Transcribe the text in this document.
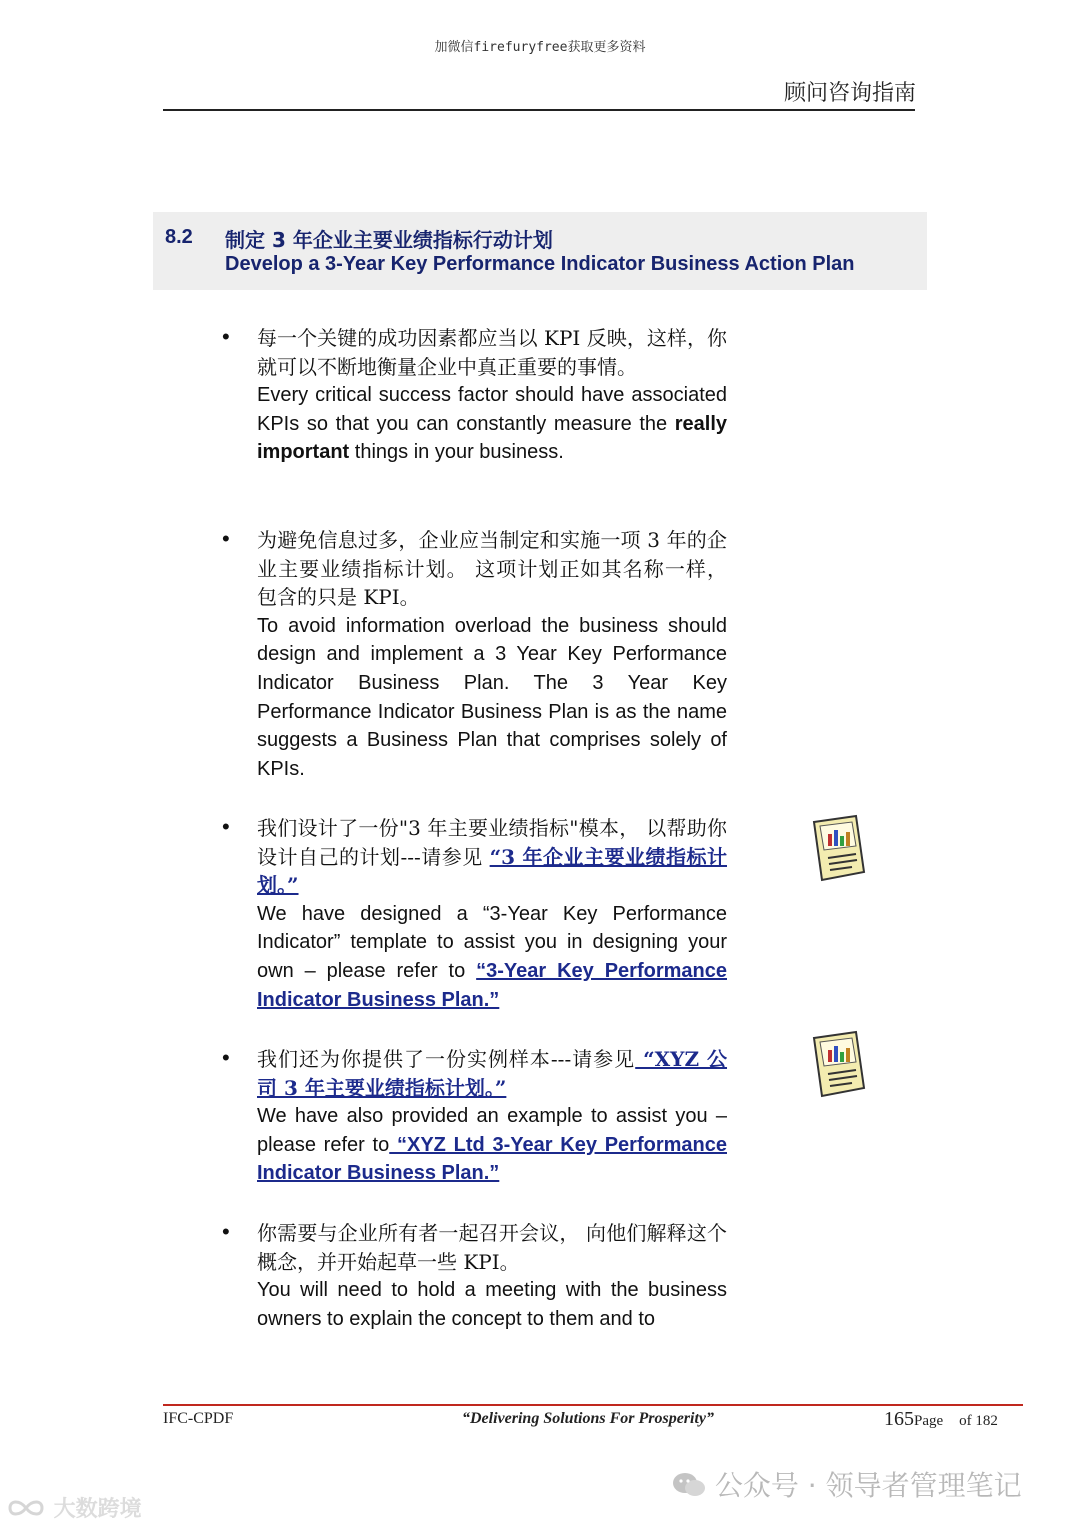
加微信firefuryfree获取更多资料
顾问咨询指南
8.2 制定 3 年企业主要业绩指标行动计划
Develop a 3-Year Key Performance Indicator Business Action Plan
• 每一个关键的成功因素都应当以 KPI 反映，这样，你就可以不断地衡量企业中真正重要的事情。
Every critical success factor should have associated KPIs so that you can constantly measure the really important things in your business.
• 为避免信息过多，企业应当制定和实施一项 3 年的企业主要业绩指标计划。 这项计划正如其名称一样， 包含的只是 KPI。
To avoid information overload the business should design and implement a 3 Year Key Performance Indicator Business Plan. The 3 Year Key Performance Indicator Business Plan is as the name suggests a Business Plan that comprises solely of KPIs.
• 我们设计了一份"3 年主要业绩指标"模本， 以帮助你设计自己的计划---请参见 “3 年企业主要业绩指标计划。”
We have designed a “3-Year Key Performance Indicator” template to assist you in designing your own – please refer to “3-Year Key Performance Indicator Business Plan.”
• 我们还为你提供了一份实例样本---请参见 “XYZ 公司 3 年主要业绩指标计划。”
We have also provided an example to assist you – please refer to “XYZ Ltd 3-Year Key Performance Indicator Business Plan.”
• 你需要与企业所有者一起召开会议， 向他们解释这个概念，并开始起草一些 KPI。
You will need to hold a meeting with the business owners to explain the concept to them and to
IFC-CPDF	“Delivering Solutions For Prosperity”	165Page of 182
公众号 · 领导者管理笔记
大数跨境
